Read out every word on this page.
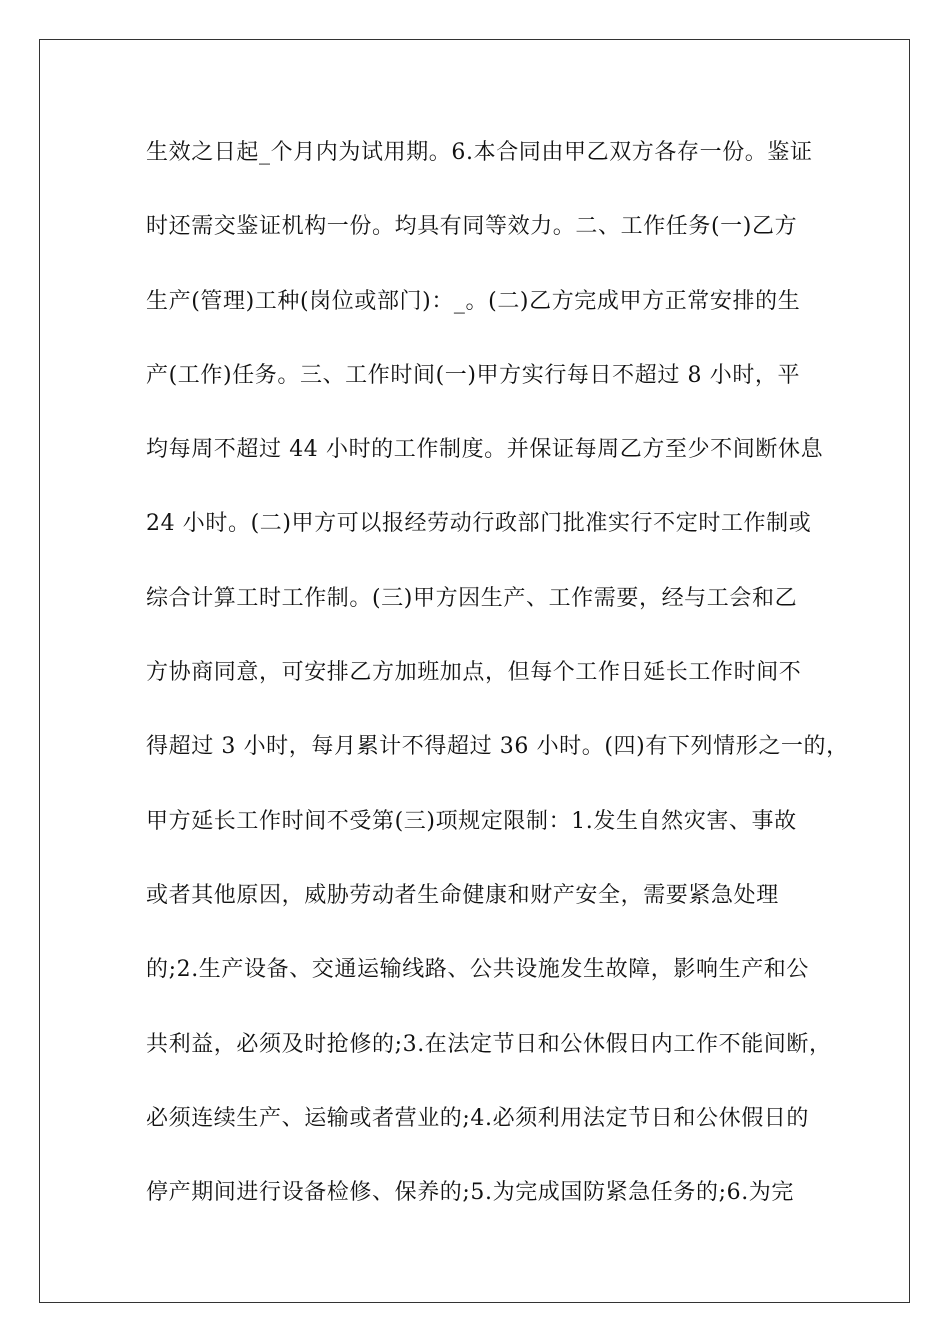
生效之日起_个月内为试用期。6.本合同由甲乙双方各存一份。鉴证
时还需交鉴证机构一份。均具有同等效力。二、工作任务(一)乙方
生产(管理)工种(岗位或部门)：_。(二)乙方完成甲方正常安排的生
产(工作)任务。三、工作时间(一)甲方实行每日不超过 8 小时，平
均每周不超过 44 小时的工作制度。并保证每周乙方至少不间断休息
24 小时。(二)甲方可以报经劳动行政部门批准实行不定时工作制或
综合计算工时工作制。(三)甲方因生产、工作需要，经与工会和乙
方协商同意，可安排乙方加班加点，但每个工作日延长工作时间不
得超过 3 小时，每月累计不得超过 36 小时。(四)有下列情形之一的，
甲方延长工作时间不受第(三)项规定限制：1.发生自然灾害、事故
或者其他原因，威胁劳动者生命健康和财产安全，需要紧急处理
的;2.生产设备、交通运输线路、公共设施发生故障，影响生产和公
共利益，必须及时抢修的;3.在法定节日和公休假日内工作不能间断，
必须连续生产、运输或者营业的;4.必须利用法定节日和公休假日的
停产期间进行设备检修、保养的;5.为完成国防紧急任务的;6.为完
